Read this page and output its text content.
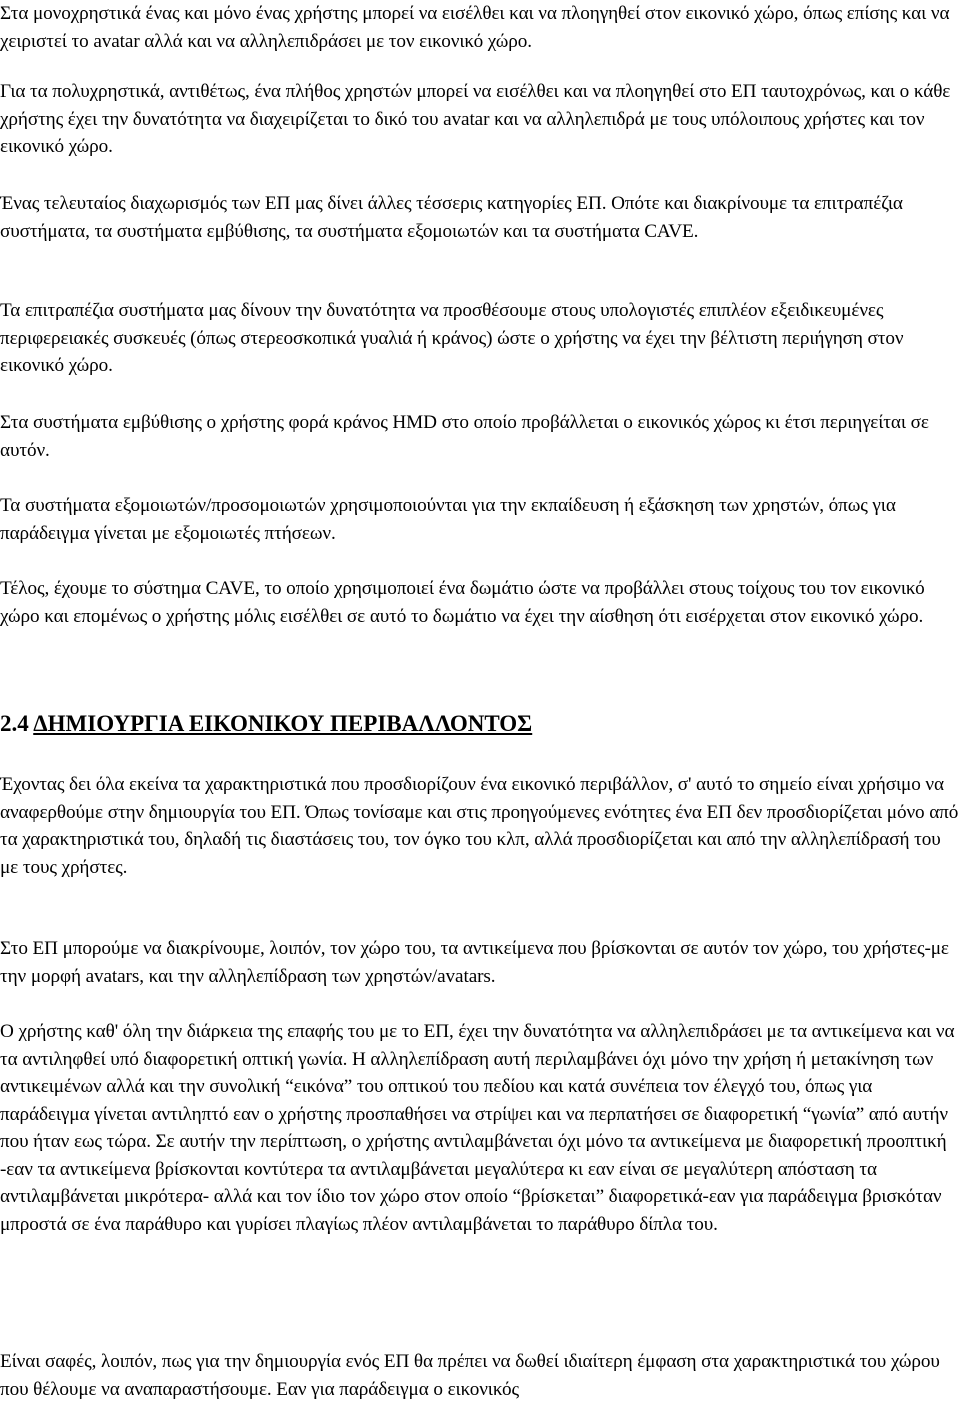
Στα μονοχρηστικά ένας και μόνο ένας χρήστης μπορεί να εισέλθει και να πλοηγηθεί στον εικονικό χώρο, όπως επίσης και να χειριστεί το avatar αλλά και να αλληλεπιδράσει με τον εικονικό χώρο.

Για τα πολυχρηστικά, αντιθέτως, ένα πλήθος χρηστών μπορεί να εισέλθει και να πλοηγηθεί στο ΕΠ ταυτοχρόνως, και ο κάθε χρήστης έχει την δυνατότητα να διαχειρίζεται το δικό του avatar και να αλληλεπιδρά με τους υπόλοιπους χρήστες και τον εικονικό χώρο.

Ένας τελευταίος διαχωρισμός των ΕΠ μας δίνει άλλες τέσσερις κατηγορίες ΕΠ. Οπότε και διακρίνουμε τα επιτραπέζια συστήματα, τα συστήματα εμβύθισης, τα συστήματα εξομοιωτών και τα συστήματα CAVE.

Τα επιτραπέζια συστήματα μας δίνουν την δυνατότητα να προσθέσουμε στους υπολογιστές επιπλέον εξειδικευμένες περιφερειακές συσκευές (όπως στερεοσκοπικά γυαλιά ή κράνος) ώστε ο χρήστης να έχει την βέλτιστη περιήγηση στον εικονικό χώρο.

Στα συστήματα εμβύθισης ο χρήστης φορά κράνος HMD στο οποίο προβάλλεται ο εικονικός χώρος κι έτσι περιηγείται σε αυτόν.

Τα συστήματα εξομοιωτών/προσομοιωτών χρησιμοποιούνται για την εκπαίδευση ή εξάσκηση των χρηστών, όπως για παράδειγμα γίνεται με εξομοιωτές πτήσεων.

Τέλος, έχουμε το σύστημα CAVE, το οποίο χρησιμοποιεί ένα δωμάτιο ώστε να προβάλλει στους τοίχους του τον εικονικό χώρο και επομένως ο χρήστης μόλις εισέλθει σε αυτό το δωμάτιο να έχει την αίσθηση ότι εισέρχεται στον εικονικό χώρο.

2.4 ΔΗΜΙΟΥΡΓΙΑ ΕΙΚΟΝΙΚΟΥ ΠΕΡΙΒΑΛΛΟΝΤΟΣ

Έχοντας δει όλα εκείνα τα χαρακτηριστικά που προσδιορίζουν ένα εικονικό περιβάλλον, σ' αυτό το σημείο είναι χρήσιμο να αναφερθούμε στην δημιουργία του ΕΠ. Όπως τονίσαμε και στις προηγούμενες ενότητες ένα ΕΠ δεν προσδιορίζεται μόνο από τα χαρακτηριστικά του, δηλαδή τις διαστάσεις του, τον όγκο του κλπ, αλλά προσδιορίζεται και από την αλληλεπίδρασή του με τους χρήστες.

Στο ΕΠ μπορούμε να διακρίνουμε, λοιπόν, τον χώρο του, τα αντικείμενα που βρίσκονται σε αυτόν τον χώρο, του χρήστες-με την μορφή avatars, και την αλληλεπίδραση των χρηστών/avatars.

Ο χρήστης καθ' όλη την διάρκεια της επαφής του με το ΕΠ, έχει την δυνατότητα να αλληλεπιδράσει με τα αντικείμενα και να τα αντιληφθεί υπό διαφορετική οπτική γωνία. Η αλληλεπίδραση αυτή περιλαμβάνει όχι μόνο την χρήση ή μετακίνηση των αντικειμένων αλλά και την συνολική “εικόνα” του οπτικού του πεδίου και κατά συνέπεια τον έλεγχό του, όπως για παράδειγμα γίνεται αντιληπτό εαν ο χρήστης προσπαθήσει να στρίψει και να περπατήσει σε διαφορετική “γωνία” από αυτήν που ήταν εως τώρα. Σε αυτήν την περίπτωση, ο χρήστης αντιλαμβάνεται όχι μόνο τα αντικείμενα με διαφορετική προοπτική -εαν τα αντικείμενα βρίσκονται κοντύτερα τα αντιλαμβάνεται μεγαλύτερα κι εαν είναι σε μεγαλύτερη απόσταση τα αντιλαμβάνεται μικρότερα- αλλά και τον ίδιο τον χώρο στον οποίο “βρίσκεται” διαφορετικά-εαν για παράδειγμα βρισκόταν μπροστά σε ένα παράθυρο και γυρίσει πλαγίως πλέον αντιλαμβάνεται το παράθυρο δίπλα του.

Είναι σαφές, λοιπόν, πως για την δημιουργία ενός ΕΠ θα πρέπει να δωθεί ιδιαίτερη έμφαση στα χαρακτηριστικά του χώρου που θέλουμε να αναπαραστήσουμε. Εαν για παράδειγμα ο εικονικός
